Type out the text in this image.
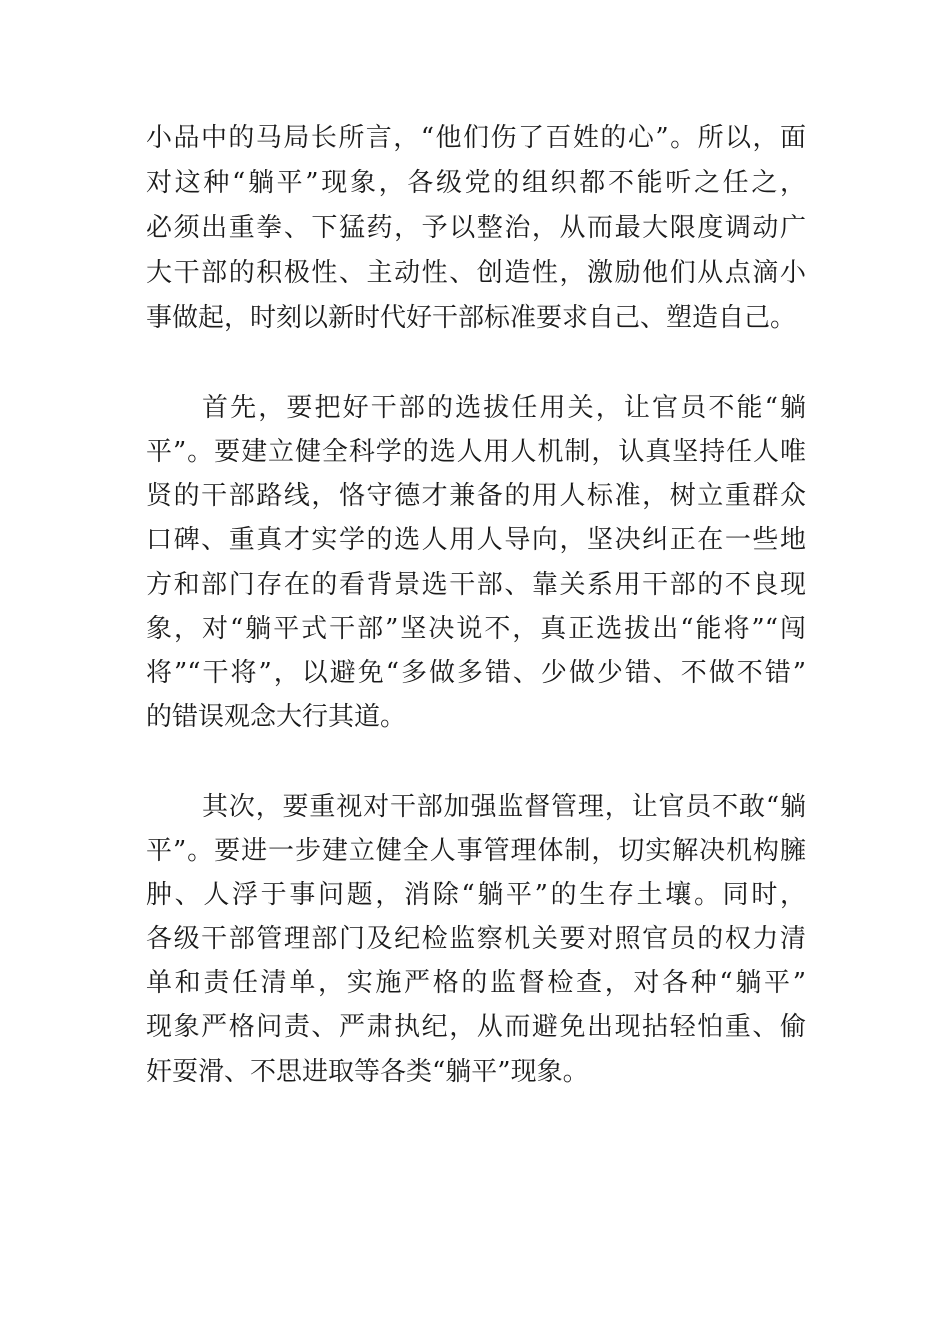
小品中的马局长所言，“他们伤了百姓的心”。所以，面

对这种“躺平”现象，各级党的组织都不能听之任之，

必须出重拳、下猛药，予以整治，从而最大限度调动广

大干部的积极性、主动性、创造性，激励他们从点滴小

事做起，时刻以新时代好干部标准要求自己、塑造自己。

首先，要把好干部的选拔任用关，让官员不能“躺

平”。要建立健全科学的选人用人机制，认真坚持任人唯

贤的干部路线，恪守德才兼备的用人标准，树立重群众

口碑、重真才实学的选人用人导向，坚决纠正在一些地

方和部门存在的看背景选干部、靠关系用干部的不良现

象，对“躺平式干部”坚决说不，真正选拔出“能将”“闯

将”“干将”，以避免“多做多错、少做少错、不做不错”

的错误观念大行其道。

其次，要重视对干部加强监督管理，让官员不敢“躺

平”。要进一步建立健全人事管理体制，切实解决机构臃

肿、人浮于事问题，消除“躺平”的生存土壤。同时，

各级干部管理部门及纪检监察机关要对照官员的权力清

单和责任清单，实施严格的监督检查，对各种“躺平”

现象严格问责、严肃执纪，从而避免出现拈轻怕重、偷

奸耍滑、不思进取等各类“躺平”现象。
